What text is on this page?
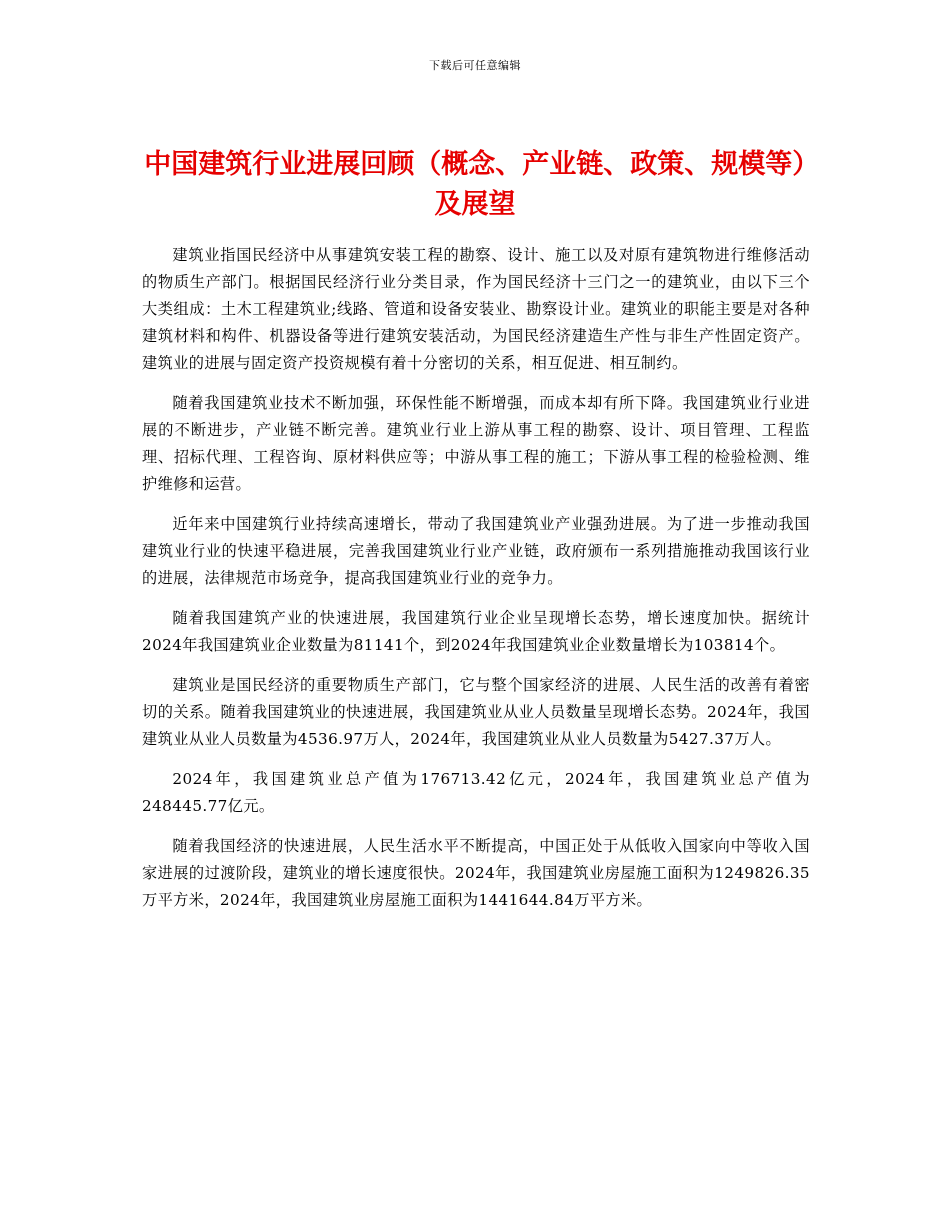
下载后可任意编辑
中国建筑行业进展回顾（概念、产业链、政策、规模等）及展望

建筑业指国民经济中从事建筑安装工程的勘察、设计、施工以及对原有建筑物进行维修活动的物质生产部门。根据国民经济行业分类目录，作为国民经济十三门之一的建筑业，由以下三个大类组成：土木工程建筑业;线路、管道和设备安装业、勘察设计业。建筑业的职能主要是对各种建筑材料和构件、机器设备等进行建筑安装活动，为国民经济建造生产性与非生产性固定资产。建筑业的进展与固定资产投资规模有着十分密切的关系，相互促进、相互制约。

随着我国建筑业技术不断加强，环保性能不断增强，而成本却有所下降。我国建筑业行业进展的不断进步，产业链不断完善。建筑业行业上游从事工程的勘察、设计、项目管理、工程监理、招标代理、工程咨询、原材料供应等；中游从事工程的施工；下游从事工程的检验检测、维护维修和运营。

近年来中国建筑行业持续高速增长，带动了我国建筑业产业强劲进展。为了进一步推动我国建筑业行业的快速平稳进展，完善我国建筑业行业产业链，政府颁布一系列措施推动我国该行业的进展，法律规范市场竞争，提高我国建筑业行业的竞争力。

随着我国建筑产业的快速进展，我国建筑行业企业呈现增长态势，增长速度加快。据统计2024年我国建筑业企业数量为81141个，到2024年我国建筑业企业数量增长为103814个。

建筑业是国民经济的重要物质生产部门，它与整个国家经济的进展、人民生活的改善有着密切的关系。随着我国建筑业的快速进展，我国建筑业从业人员数量呈现增长态势。2024年，我国建筑业从业人员数量为4536.97万人，2024年，我国建筑业从业人员数量为5427.37万人。

2024年，我国建筑业总产值为176713.42亿元，2024年，我国建筑业总产值为248445.77亿元。

随着我国经济的快速进展，人民生活水平不断提高，中国正处于从低收入国家向中等收入国家进展的过渡阶段，建筑业的增长速度很快。2024年，我国建筑业房屋施工面积为1249826.35万平方米，2024年，我国建筑业房屋施工面积为1441644.84万平方米。
